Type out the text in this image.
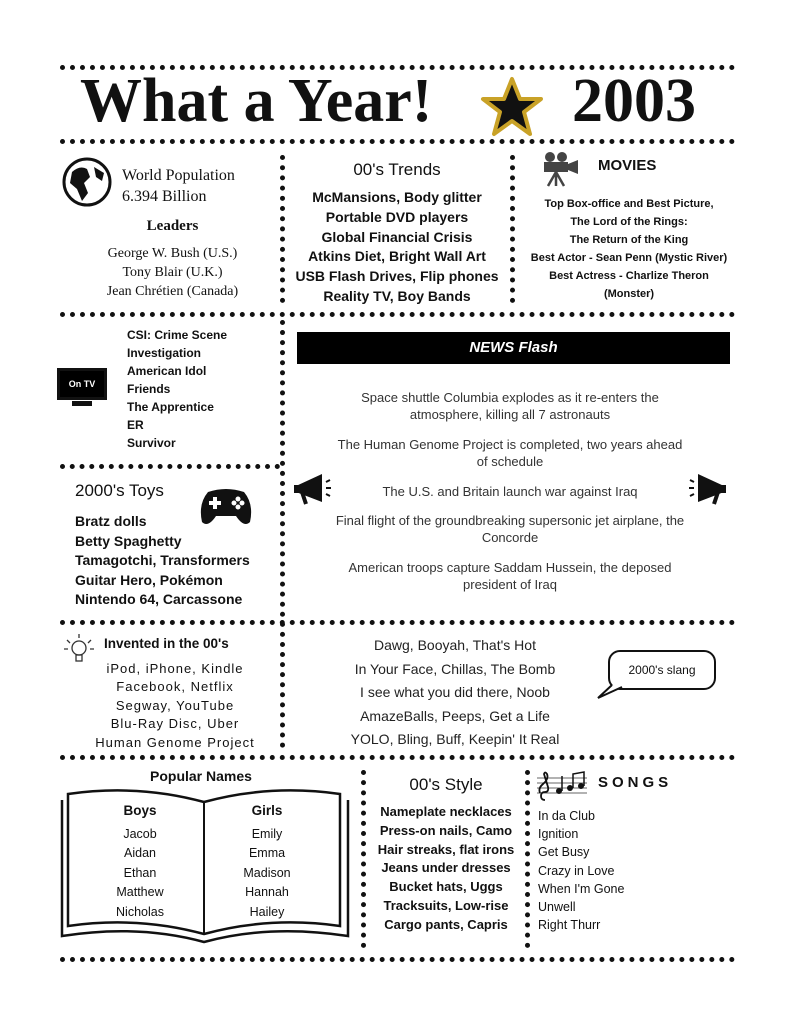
What a Year! 2003
World Population
6.394 Billion
Leaders
George W. Bush (U.S.)
Tony Blair (U.K.)
Jean Chrétien (Canada)
00's Trends
McMansions, Body glitter
Portable DVD players
Global Financial Crisis
Atkins Diet, Bright Wall Art
USB Flash Drives, Flip phones
Reality TV, Boy Bands
MOVIES
Top Box-office and Best Picture,
The Lord of the Rings:
The Return of the King
Best Actor - Sean Penn (Mystic River)
Best Actress - Charlize Theron
(Monster)
On TV
CSI: Crime Scene
Investigation
American Idol
Friends
The Apprentice
ER
Survivor
NEWS Flash
Space shuttle Columbia explodes as it re-enters the atmosphere, killing all 7 astronauts
The Human Genome Project is completed, two years ahead of schedule
The U.S. and Britain launch war against Iraq
Final flight of the groundbreaking supersonic jet airplane, the Concorde
American troops capture Saddam Hussein, the deposed president of Iraq
2000's Toys
Bratz dolls
Betty Spaghetty
Tamagotchi, Transformers
Guitar Hero, Pokémon
Nintendo 64, Carcassone
Invented in the 00's
iPod, iPhone, Kindle
Facebook, Netflix
Segway, YouTube
Blu-Ray Disc, Uber
Human Genome Project
Dawg, Booyah, That's Hot
In Your Face, Chillas, The Bomb
I see what you did there, Noob
AmazeBalls, Peeps, Get a Life
YOLO, Bling, Buff, Keepin' It Real
2000's slang
Popular Names
Boys
Jacob
Aidan
Ethan
Matthew
Nicholas
Girls
Emily
Emma
Madison
Hannah
Hailey
00's Style
Nameplate necklaces
Press-on nails, Camo
Hair streaks, flat irons
Jeans under dresses
Bucket hats, Uggs
Tracksuits, Low-rise
Cargo pants, Capris
SONGS
In da Club
Ignition
Get Busy
Crazy in Love
When I'm Gone
Unwell
Right Thurr
